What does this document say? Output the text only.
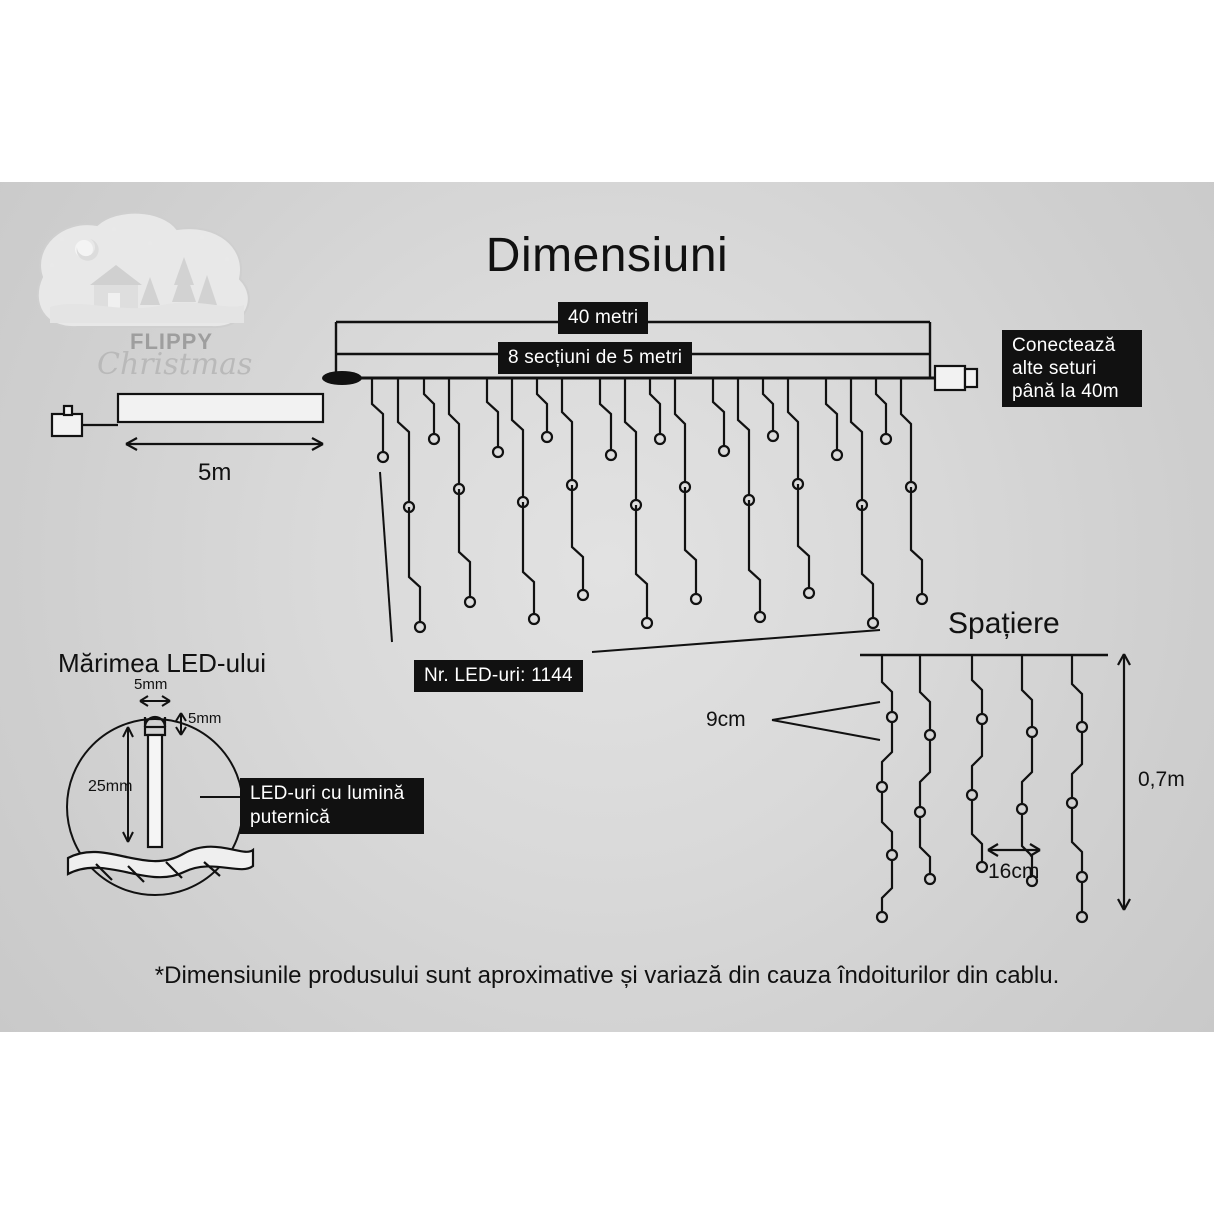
FLIPPY
Christmas
Dimensiuni
40 metri
8 secțiuni de 5 metri
5m
Conectează alte seturi până la 40m
Nr. LED-uri: 1144
Spațiere
9cm
16cm
0,7m
Mărimea LED-ului
5mm
5mm
25mm	LED-uri cu lumină puternică
*Dimensiunile produsului sunt aproximative și variază din cauza îndoiturilor din cablu.
